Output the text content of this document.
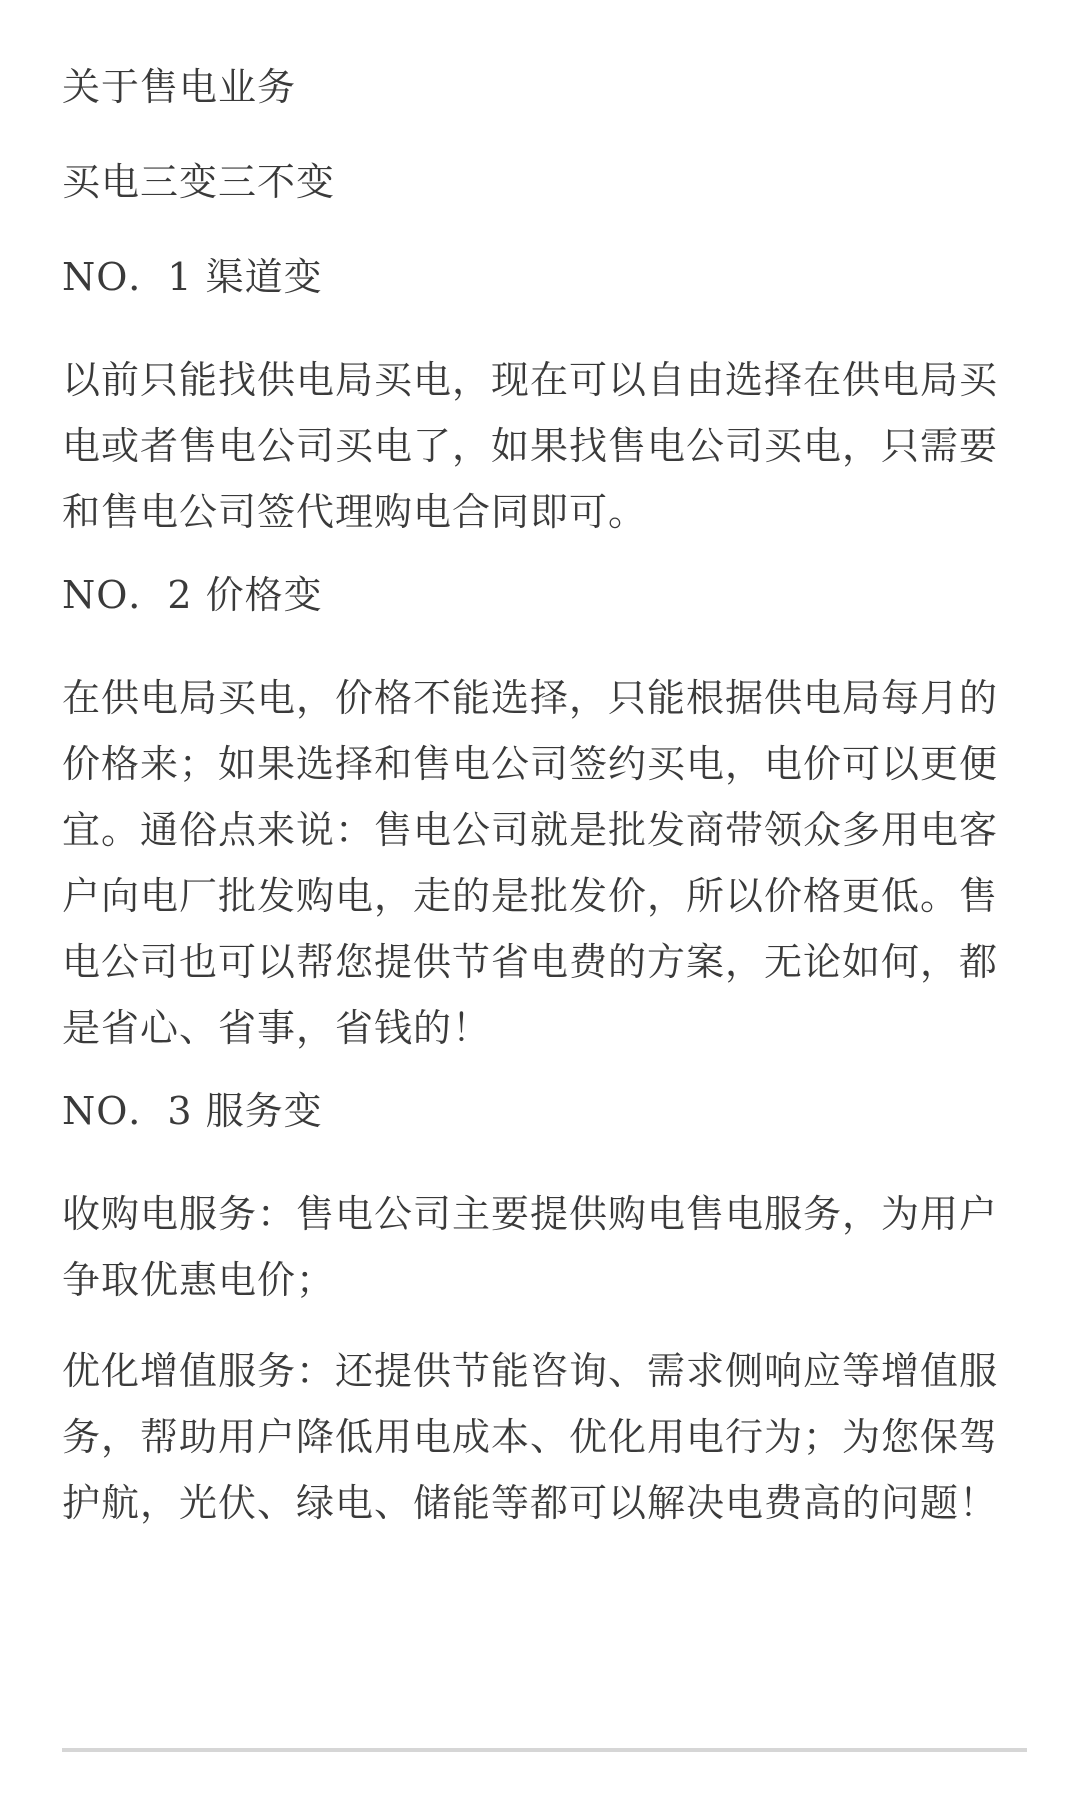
关于售电业务

买电三变三不变

NO．1 渠道变

以前只能找供电局买电，现在可以自由选择在供电局买电或者售电公司买电了，如果找售电公司买电，只需要和售电公司签代理购电合同即可。

NO．2 价格变

在供电局买电，价格不能选择，只能根据供电局每月的价格来；如果选择和售电公司签约买电，电价可以更便宜。通俗点来说：售电公司就是批发商带领众多用电客户向电厂批发购电，走的是批发价，所以价格更低。售电公司也可以帮您提供节省电费的方案，无论如何，都是省心、省事，省钱的！

NO．3 服务变

收购电服务：售电公司主要提供购电售电服务，为用户争取优惠电价；

优化增值服务：还提供节能咨询、需求侧响应等增值服务，帮助用户降低用电成本、优化用电行为；为您保驾护航，光伏、绿电、储能等都可以解决电费高的问题！
